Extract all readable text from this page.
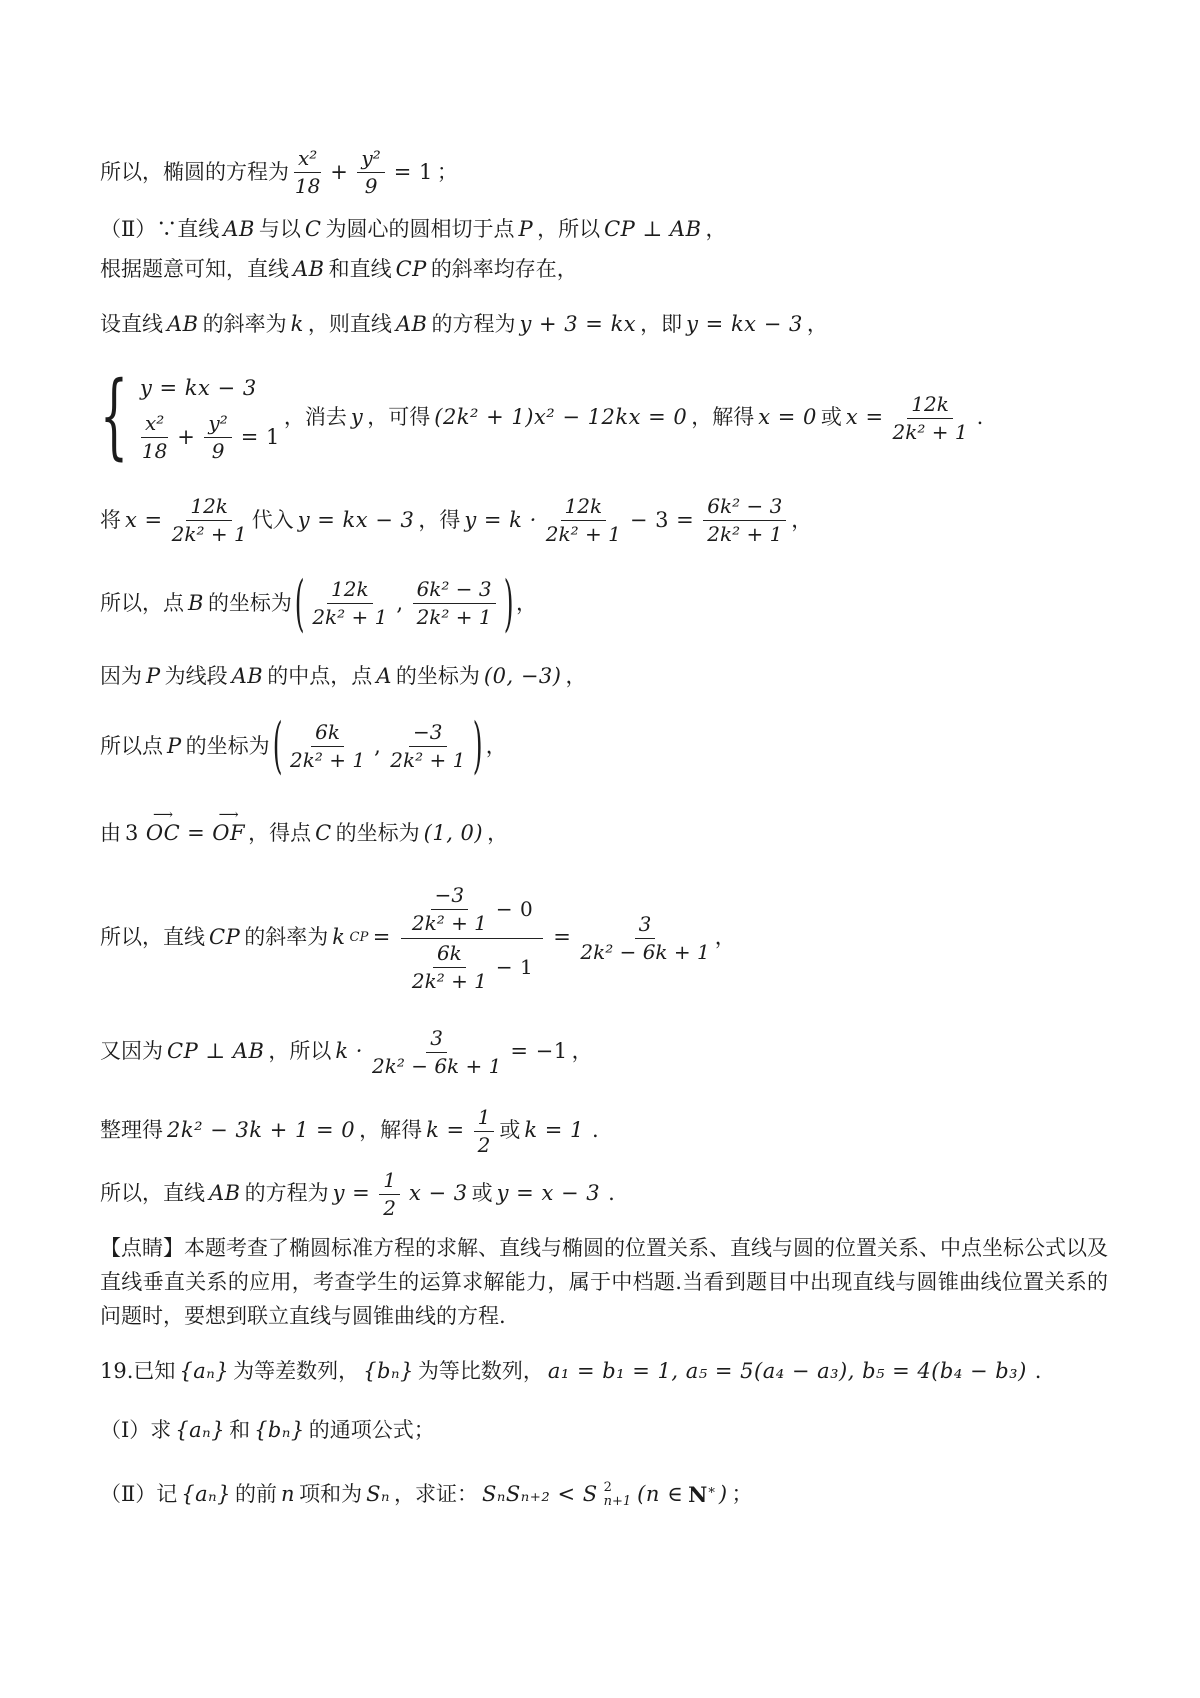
所以，椭圆的方程为 $\frac{\text{x²}}{18} + \frac{\text{y²}}{9} = 1$ ；
（Ⅱ）∵直线 AB 与以 C 为圆心的圆相切于点 P ，所以 CP ⊥ AB ，
根据题意可知，直线 AB 和直线 CP 的斜率均存在，
设直线 AB 的斜率为 k ，则直线 AB 的方程为 y + 3 = kx ，即 y = kx − 3 ，
{ y = kx − 3
$\frac{\text{x²}}{18} + \frac{\text{y²}}{9} = 1$
，消去 y ，可得 (2k² + 1)x² − 12kx = 0 ，解得 x = 0 或 $x = \frac{12k}{\text{2k² + 1}}$ .
将 $x = \frac{12k}{\text{2k² + 1}}$ 代入 y = kx − 3 ，得 $y = k \cdot \frac{12k}{\text{2k² + 1}} - 3 = \frac{\text{6k² − 3}}{\text{2k² + 1}}$ ，
所以，点 B 的坐标为 ( $\frac{12k}{\text{2k² + 1}}$ , $\frac{\text{6k² − 3}}{\text{2k² + 1}}$ ) ，
因为 P 为线段 AB 的中点，点 A 的坐标为 (0, −3) ，
所以点 P 的坐标为 ( $\frac{6k}{\text{2k² + 1}}$ , $\frac{-3}{\text{2k² + 1}}$ ) ，
由 3
⟶
OC =
⟶
OF ，得点 C 的坐标为 (1, 0) ，
所以，直线 CP 的斜率为 k CP = $\frac{\frac{-3}{\text{2k² + 1}} - 0}{\frac{6k}{\text{2k² + 1}} - 1} = \frac{3}{\text{2k² − 6k + 1}}$ ，
又因为 CP ⊥ AB ，所以 $k \cdot \frac{3}{\text{2k² − 6k + 1}} = -1$ ，
整理得 2k² − 3k + 1 = 0 ，解得 $k = \frac{1}{2}$ 或 k = 1 .
所以，直线 AB 的方程为 $y = \frac{1}{2}$ x − 3 或 y = x − 3 .
【点睛】本题考查了椭圆标准方程的求解、直线与椭圆的位置关系、直线与圆的位置关系、中点坐标公式以及直线垂直关系的应用，考查学生的运算求解能力，属于中档题.当看到题目中出现直线与圆锥曲线位置关系的问题时，要想到联立直线与圆锥曲线的方程.
19.已知 {aₙ} 为等差数列， {bₙ} 为等比数列， a₁ = b₁ = 1, a₅ = 5(a₄ − a₃), b₅ = 4(b₄ − b₃) .
（Ⅰ）求 {aₙ} 和 {bₙ} 的通项公式；
（Ⅱ）记 {aₙ} 的前 n 项和为 Sₙ ，求证： SₙSₙ₊₂ < S 2
n+1 (n ∈ N * ) ；
